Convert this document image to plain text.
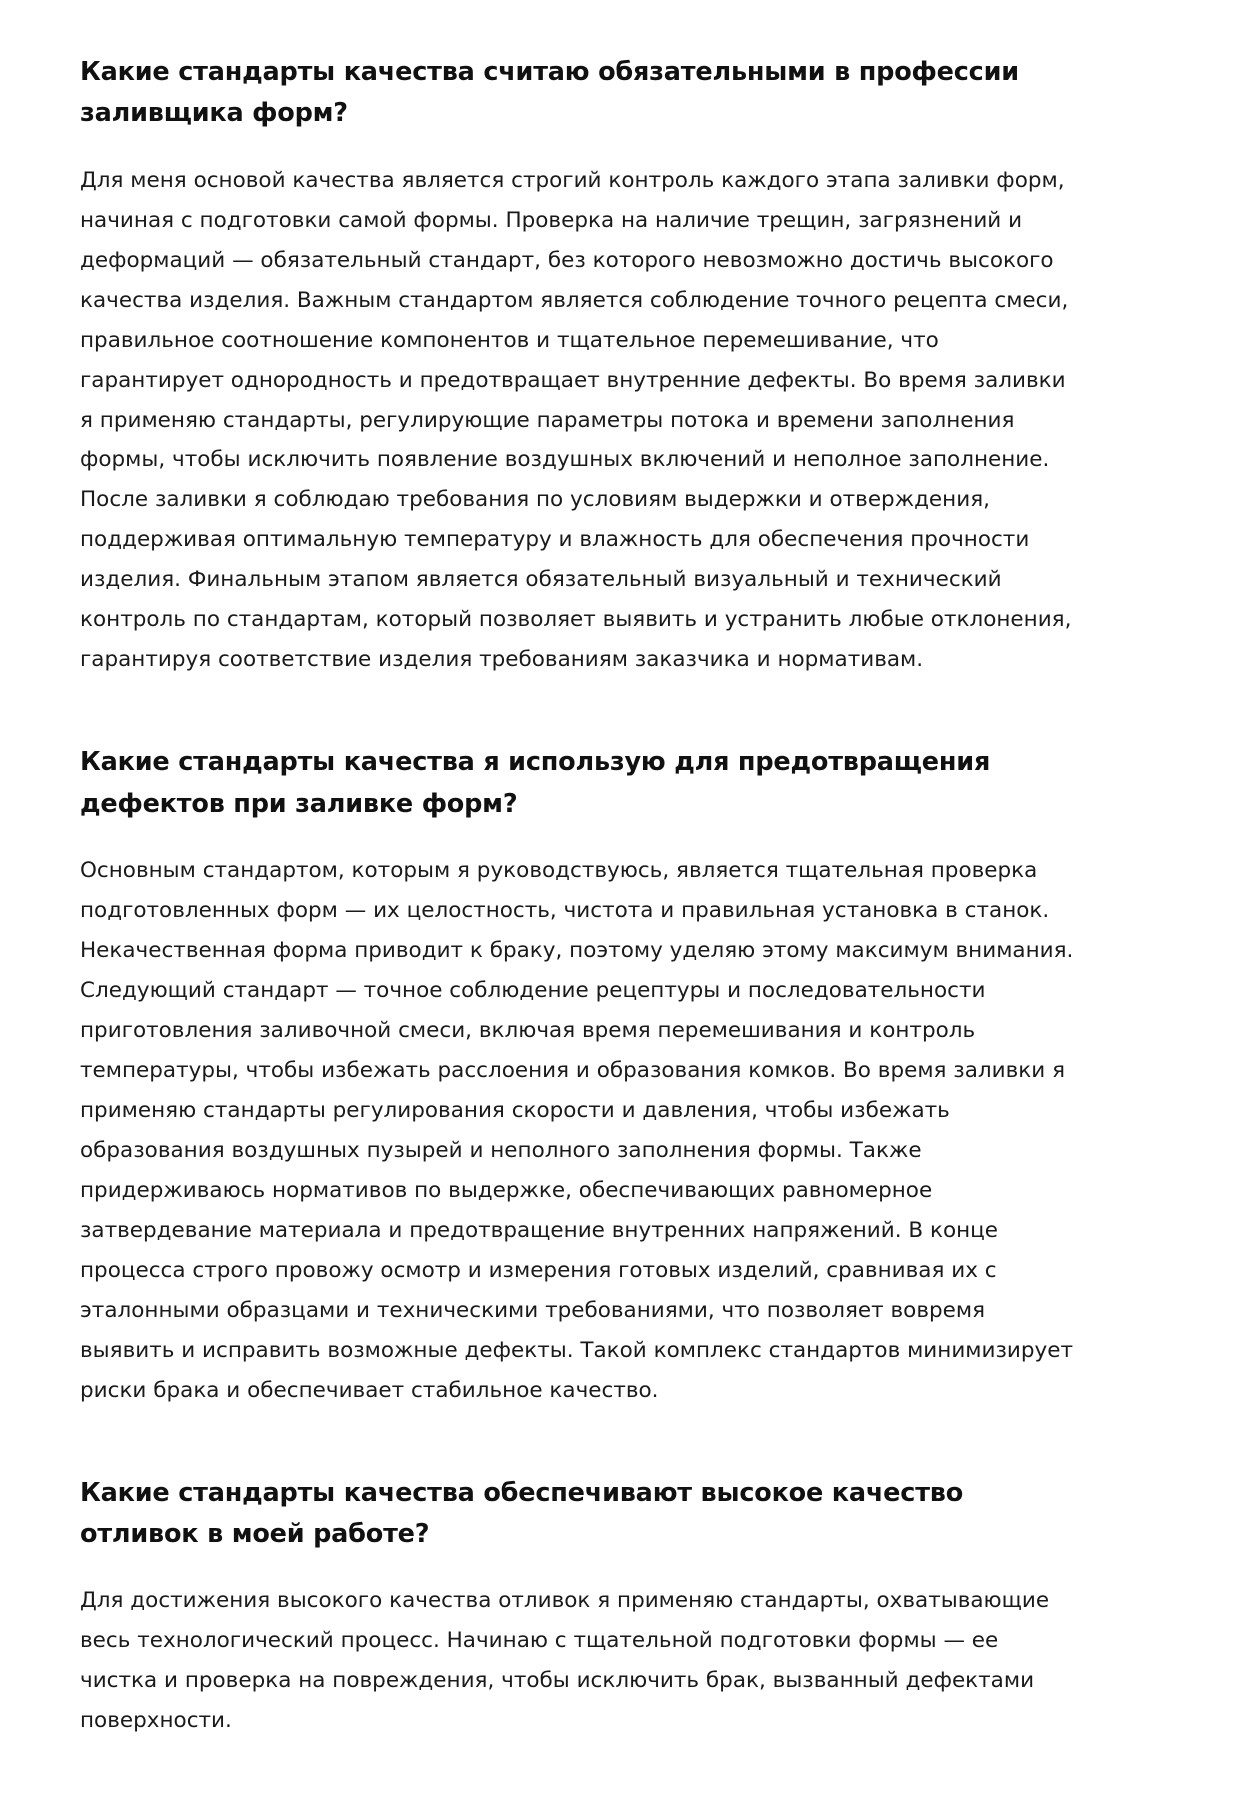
Какие стандарты качества считаю обязательными в профессии заливщика форм?

Для меня основой качества является строгий контроль каждого этапа заливки форм, начиная с подготовки самой формы. Проверка на наличие трещин, загрязнений и деформаций — обязательный стандарт, без которого невозможно достичь высокого качества изделия. Важным стандартом является соблюдение точного рецепта смеси, правильное соотношение компонентов и тщательное перемешивание, что гарантирует однородность и предотвращает внутренние дефекты. Во время заливки я применяю стандарты, регулирующие параметры потока и времени заполнения формы, чтобы исключить появление воздушных включений и неполное заполнение. После заливки я соблюдаю требования по условиям выдержки и отверждения, поддерживая оптимальную температуру и влажность для обеспечения прочности изделия. Финальным этапом является обязательный визуальный и технический контроль по стандартам, который позволяет выявить и устранить любые отклонения, гарантируя соответствие изделия требованиям заказчика и нормативам.

Какие стандарты качества я использую для предотвращения дефектов при заливке форм?

Основным стандартом, которым я руководствуюсь, является тщательная проверка подготовленных форм — их целостность, чистота и правильная установка в станок. Некачественная форма приводит к браку, поэтому уделяю этому максимум внимания. Следующий стандарт — точное соблюдение рецептуры и последовательности приготовления заливочной смеси, включая время перемешивания и контроль температуры, чтобы избежать расслоения и образования комков. Во время заливки я применяю стандарты регулирования скорости и давления, чтобы избежать образования воздушных пузырей и неполного заполнения формы. Также придерживаюсь нормативов по выдержке, обеспечивающих равномерное затвердевание материала и предотвращение внутренних напряжений. В конце процесса строго провожу осмотр и измерения готовых изделий, сравнивая их с эталонными образцами и техническими требованиями, что позволяет вовремя выявить и исправить возможные дефекты. Такой комплекс стандартов минимизирует риски брака и обеспечивает стабильное качество.

Какие стандарты качества обеспечивают высокое качество отливок в моей работе?

Для достижения высокого качества отливок я применяю стандарты, охватывающие весь технологический процесс. Начинаю с тщательной подготовки формы — ее чистка и проверка на повреждения, чтобы исключить брак, вызванный дефектами поверхности.
